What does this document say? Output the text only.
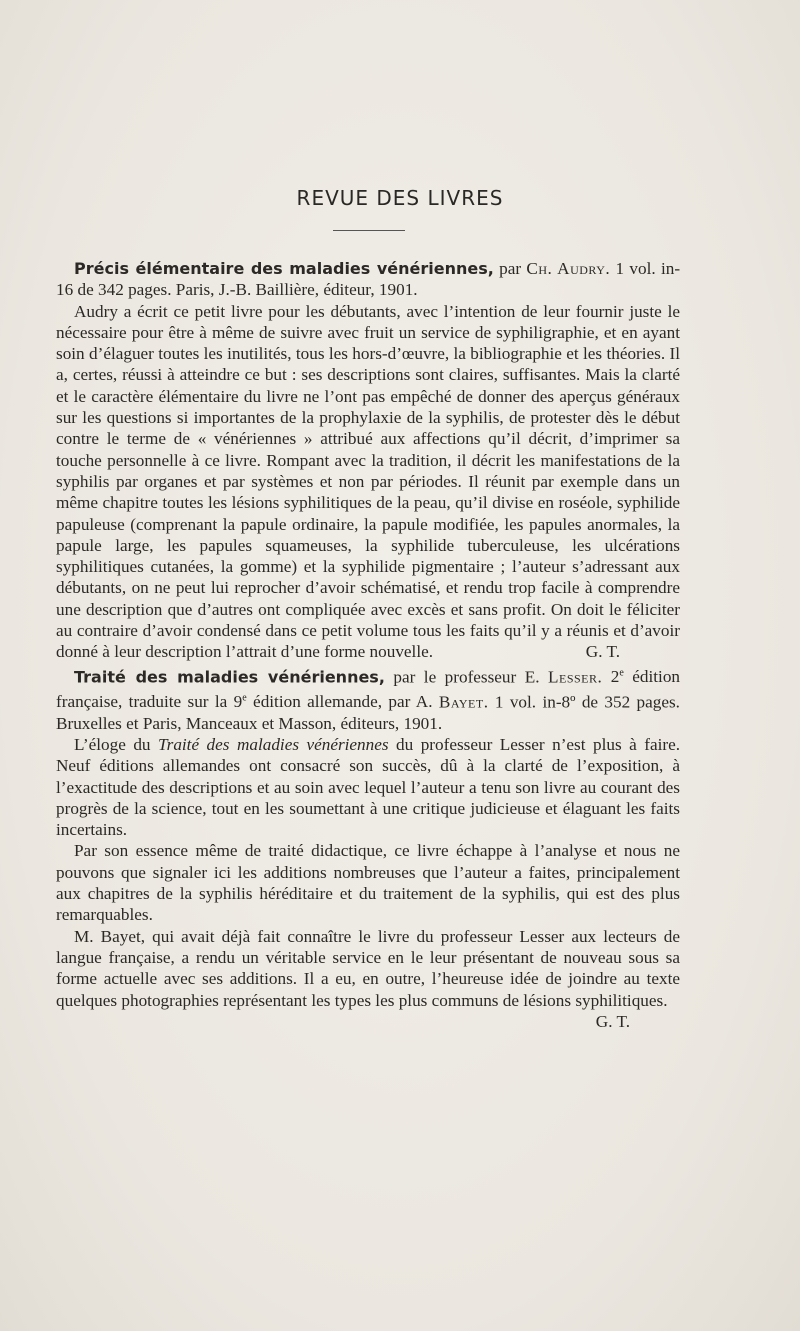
REVUE DES LIVRES

Précis élémentaire des maladies vénériennes, par Ch. Audry. 1 vol. in-16 de 342 pages. Paris, J.-B. Baillière, éditeur, 1901.

Audry a écrit ce petit livre pour les débutants, avec l’intention de leur fournir juste le nécessaire pour être à même de suivre avec fruit un service de syphiligraphie, et en ayant soin d’élaguer toutes les inutilités, tous les hors-d’œuvre, la bibliographie et les théories. Il a, certes, réussi à atteindre ce but : ses descriptions sont claires, suffisantes. Mais la clarté et le caractère élémentaire du livre ne l’ont pas empêché de donner des aperçus généraux sur les questions si importantes de la prophylaxie de la syphilis, de protester dès le début contre le terme de « vénériennes » attribué aux affections qu’il décrit, d’imprimer sa touche personnelle à ce livre. Rompant avec la tradition, il décrit les manifestations de la syphilis par organes et par systèmes et non par périodes. Il réunit par exemple dans un même chapitre toutes les lésions syphilitiques de la peau, qu’il divise en roséole, syphilide papuleuse (comprenant la papule ordinaire, la papule modifiée, les papules anormales, la papule large, les papules squameuses, la syphilide tuberculeuse, les ulcérations syphilitiques cutanées, la gomme) et la syphilide pigmentaire ; l’auteur s’adressant aux débutants, on ne peut lui reprocher d’avoir schématisé, et rendu trop facile à comprendre une description que d’autres ont compliquée avec excès et sans profit. On doit le féliciter au contraire d’avoir condensé dans ce petit volume tous les faits qu’il y a réunis et d’avoir donné à leur description l’attrait d’une forme nouvelle.	G. T.

Traité des maladies vénériennes, par le professeur E. Lesser. 2e édition française, traduite sur la 9e édition allemande, par A. Bayet. 1 vol. in-8º de 352 pages. Bruxelles et Paris, Manceaux et Masson, éditeurs, 1901.

L’éloge du Traité des maladies vénériennes du professeur Lesser n’est plus à faire. Neuf éditions allemandes ont consacré son succès, dû à la clarté de l’exposition, à l’exactitude des descriptions et au soin avec lequel l’auteur a tenu son livre au courant des progrès de la science, tout en les soumettant à une critique judicieuse et élaguant les faits incertains.

Par son essence même de traité didactique, ce livre échappe à l’analyse et nous ne pouvons que signaler ici les additions nombreuses que l’auteur a faites, principalement aux chapitres de la syphilis héréditaire et du traitement de la syphilis, qui est des plus remarquables.

M. Bayet, qui avait déjà fait connaître le livre du professeur Lesser aux lecteurs de langue française, a rendu un véritable service en le leur présentant de nouveau sous sa forme actuelle avec ses additions. Il a eu, en outre, l’heureuse idée de joindre au texte quelques photographies représentant les types les plus communs de lésions syphilitiques.
G. T.
